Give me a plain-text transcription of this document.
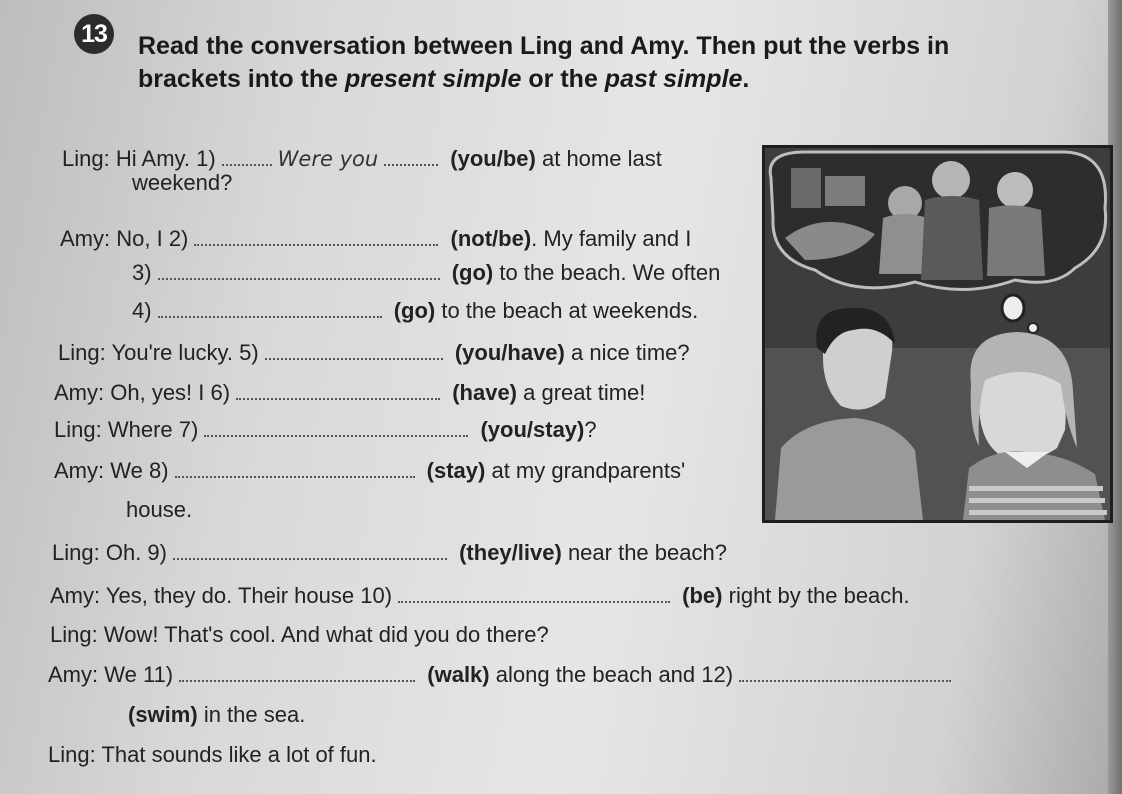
13 Read the conversation between Ling and Amy. Then put the verbs in brackets into the present simple or the past simple.
Ling: Hi Amy. 1)	Were you	(you/be) at home last
weekend?
Amy: No, I 2)	(not/be). My family and I
3)	(go) to the beach. We often
4)	(go) to the beach at weekends.
Ling: You're lucky. 5)	(you/have) a nice time?
Amy: Oh, yes! I 6)	(have) a great time!
Ling: Where 7)	(you/stay)?
Amy: We 8)	(stay) at my grandparents'
house.
Ling: Oh. 9)	(they/live) near the beach?
Amy: Yes, they do. Their house 10)	(be) right by the beach.
Ling: Wow! That's cool. And what did you do there?
Amy: We 11)	(walk) along the beach and 12)
(swim) in the sea.
Ling: That sounds like a lot of fun.
